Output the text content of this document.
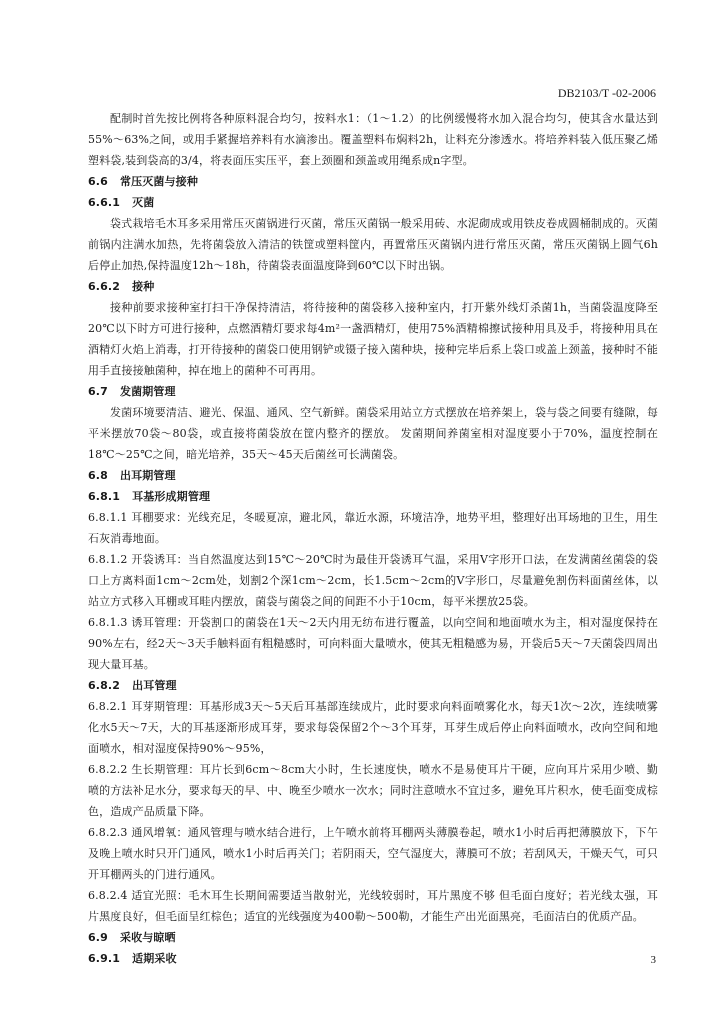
DB2103/T -02-2006

配制时首先按比例将各种原料混合均匀，按料水1：（1～1.2）的比例缓慢将水加入混合均匀，使其含水量达到55%～63%之间，或用手紧握培养料有水滴渗出。覆盖塑料布焖料2h，让料充分渗透水。将培养料装入低压聚乙烯塑料袋,装到袋高的3/4，将表面压实压平，套上颈圈和颈盖或用绳系成n字型。

6.6 常压灭菌与接种

6.6.1 灭菌

袋式栽培毛木耳多采用常压灭菌锅进行灭菌，常压灭菌锅一般采用砖、水泥砌成或用铁皮卷成圆桶制成的。灭菌前锅内注满水加热，先将菌袋放入清洁的铁筐或塑料筐内，再置常压灭菌锅内进行常压灭菌，常压灭菌锅上圆气6h后停止加热,保持温度12h～18h，待菌袋表面温度降到60℃以下时出锅。

6.6.2 接种

接种前要求接种室打扫干净保持清洁，将待接种的菌袋移入接种室内，打开紫外线灯杀菌1h，当菌袋温度降至20℃以下时方可进行接种，点燃酒精灯要求每4m²一盏酒精灯，使用75%酒精棉擦试接种用具及手，将接种用具在酒精灯火焰上消毒，打开待接种的菌袋口使用钢铲或镊子接入菌种块，接种完毕后系上袋口或盖上颈盖，接种时不能用手直接接触菌种，掉在地上的菌种不可再用。

6.7 发菌期管理

发菌环境要清洁、避光、保温、通风、空气新鲜。菌袋采用站立方式摆放在培养架上，袋与袋之间要有缝隙，每平米摆放70袋～80袋，或直接将菌袋放在筐内整齐的摆放。 发菌期间养菌室相对湿度要小于70%，温度控制在18℃～25℃之间，暗光培养，35天～45天后菌丝可长满菌袋。

6.8 出耳期管理

6.8.1 耳基形成期管理

6.8.1.1 耳棚要求：光线充足，冬暖夏凉，避北风，靠近水源，环境洁净，地势平坦，整理好出耳场地的卫生，用生石灰消毒地面。

6.8.1.2 开袋诱耳：当自然温度达到15℃～20℃时为最佳开袋诱耳气温，采用V字形开口法，在发满菌丝菌袋的袋口上方离料面1cm～2cm处，划割2个深1cm～2cm，长1.5cm～2cm的V字形口，尽量避免割伤料面菌丝体，以站立方式移入耳棚或耳畦内摆放，菌袋与菌袋之间的间距不小于10cm，每平米摆放25袋。

6.8.1.3 诱耳管理：开袋割口的菌袋在1天～2天内用无纺布进行覆盖，以向空间和地面喷水为主，相对湿度保持在90%左右，经2天～3天手触料面有粗糙感时，可向料面大量喷水，使其无粗糙感为易，开袋后5天～7天菌袋四周出现大量耳基。

6.8.2 出耳管理

6.8.2.1 耳芽期管理：耳基形成3天～5天后耳基部连续成片，此时要求向料面喷雾化水，每天1次～2次，连续喷雾化水5天～7天，大的耳基逐渐形成耳芽，要求每袋保留2个～3个耳芽，耳芽生成后停止向料面喷水，改向空间和地面喷水，相对湿度保持90%～95%，

6.8.2.2 生长期管理：耳片长到6cm～8cm大小时，生长速度快，喷水不是易使耳片干硬，应向耳片采用少喷、勤喷的方法补足水分，要求每天的早、中、晚至少喷水一次水；同时注意喷水不宜过多，避免耳片积水，使毛面变成棕色，造成产品质量下降。

6.8.2.3 通风增氧：通风管理与喷水结合进行，上午喷水前将耳棚两头薄膜卷起，喷水1小时后再把薄膜放下，下午及晚上喷水时只开门通风，喷水1小时后再关门；若阴雨天，空气湿度大，薄膜可不放；若刮风天，干燥天气，可只开耳棚两头的门进行通风。

6.8.2.4 适宜光照：毛木耳生长期间需要适当散射光，光线较弱时，耳片黑度不够 但毛面白度好；若光线太强，耳片黑度良好，但毛面呈红棕色；适宜的光线强度为400勒～500勒，才能生产出光面黑亮，毛面洁白的优质产品。

6.9 采收与晾晒

6.9.1 适期采收	3
